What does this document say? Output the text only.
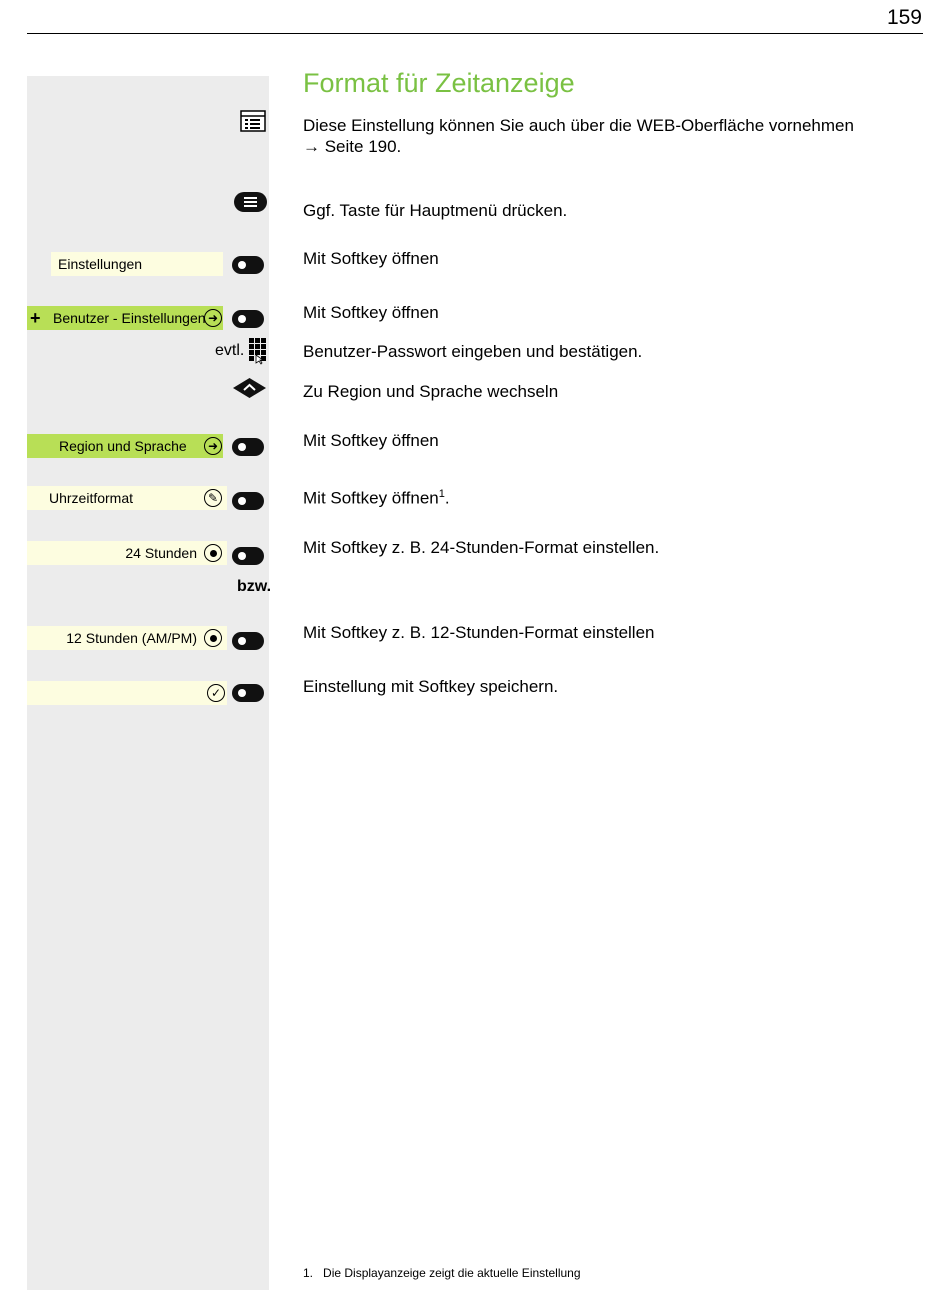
159
Format für Zeitanzeige
Diese Einstellung können Sie auch über die WEB-Oberfläche vornehmen
→ Seite 190.
Ggf. Taste für Hauptmenü drücken.
Einstellungen	Mit Softkey öffnen
+ Benutzer - Einstellungen ➜	Mit Softkey öffnen
evtl.	Benutzer-Passwort eingeben und bestätigen.
Zu Region und Sprache wechseln
Region und Sprache	➜	Mit Softkey öffnen
Uhrzeitformat	✎	Mit Softkey öffnen$^1$.
24 Stunden	Mit Softkey z. B. 24-Stunden-Format einstellen.
bzw.
12 Stunden (AM/PM)	Mit Softkey z. B. 12-Stunden-Format einstellen
✓	Einstellung mit Softkey speichern.
1. Die Displayanzeige zeigt die aktuelle Einstellung
